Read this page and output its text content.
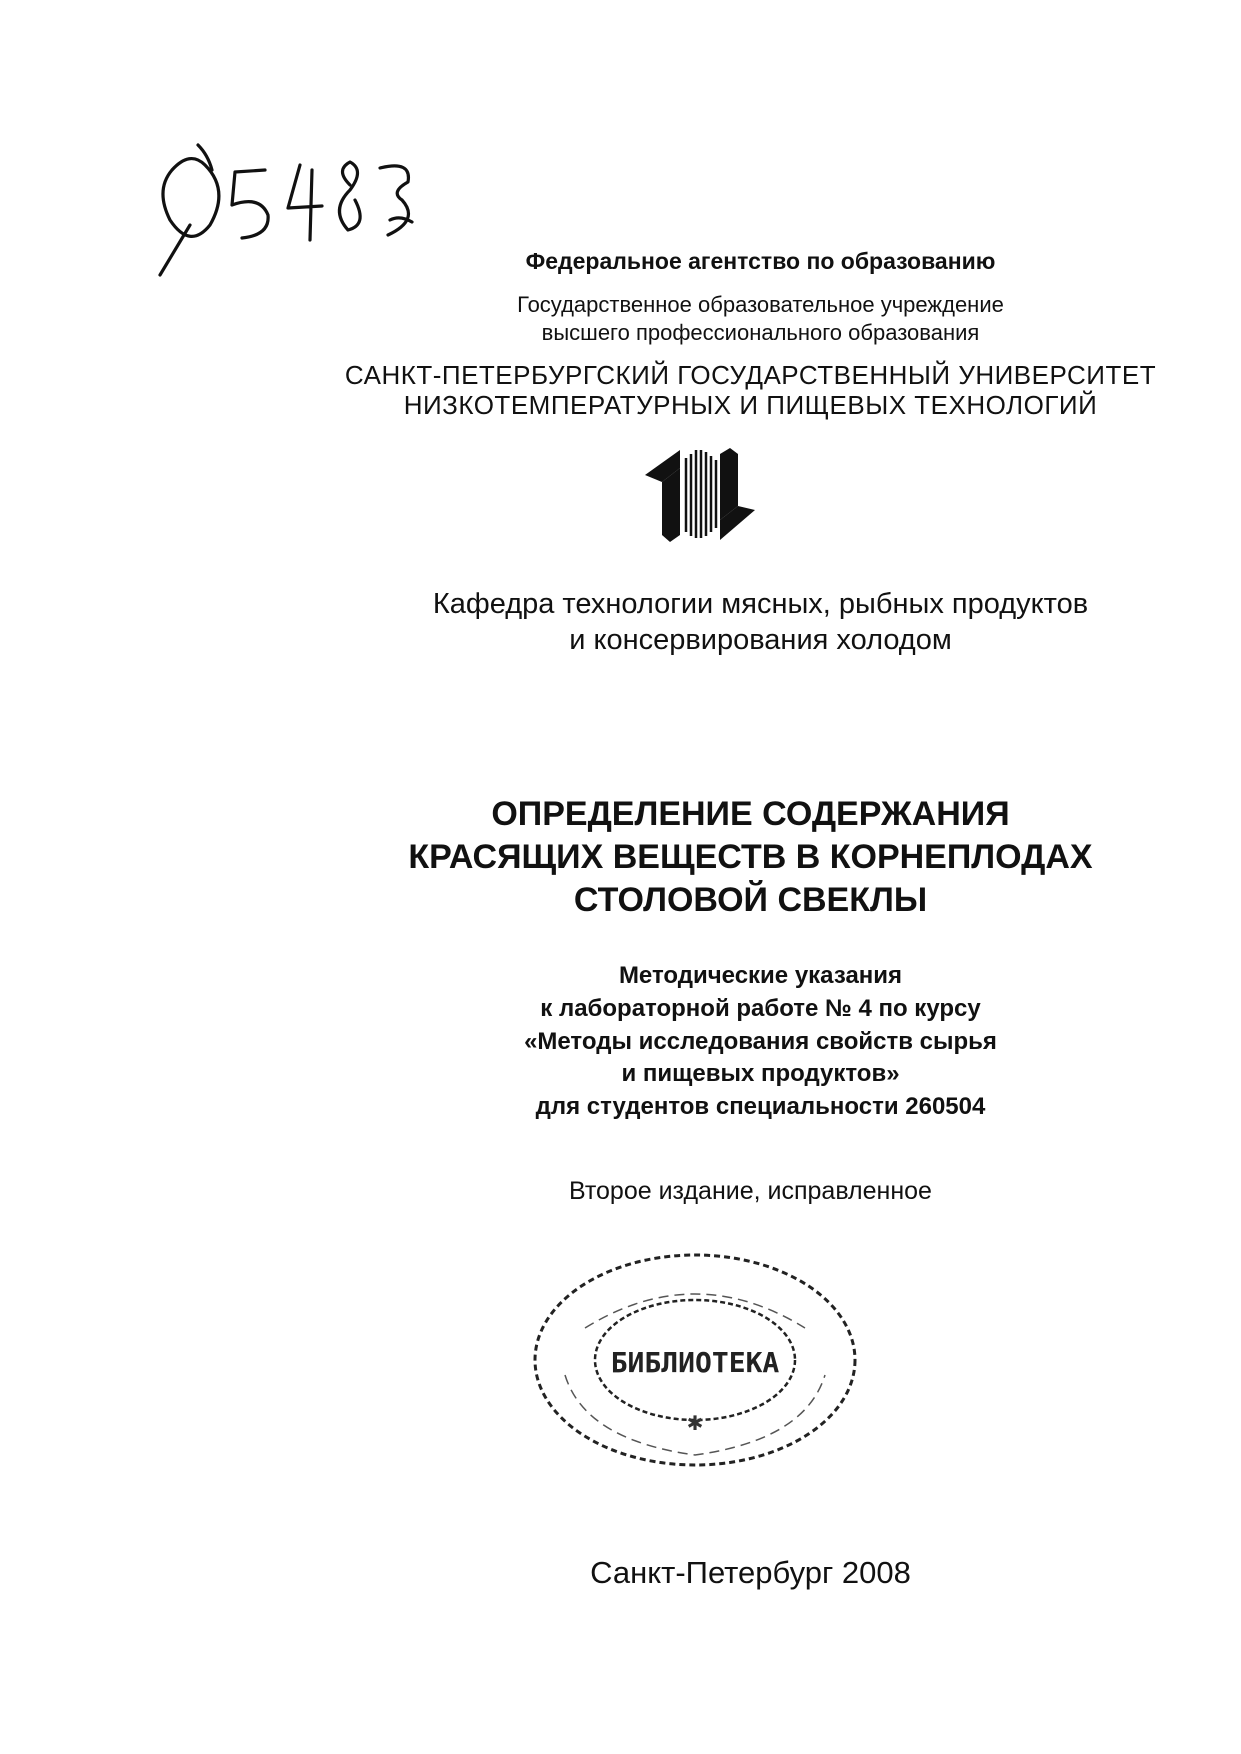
Федеральное агентство по образованию
Государственное образовательное учреждение
высшего профессионального образования
САНКТ-ПЕТЕРБУРГСКИЙ ГОСУДАРСТВЕННЫЙ УНИВЕРСИТЕТ
НИЗКОТЕМПЕРАТУРНЫХ И ПИЩЕВЫХ ТЕХНОЛОГИЙ
Кафедра технологии мясных, рыбных продуктов
и консервирования холодом
ОПРЕДЕЛЕНИЕ СОДЕРЖАНИЯ
КРАСЯЩИХ ВЕЩЕСТВ В КОРНЕПЛОДАХ
СТОЛОВОЙ СВЕКЛЫ
Методические указания
к лабораторной работе № 4 по курсу
«Методы исследования свойств сырья
и пищевых продуктов»
для студентов специальности 260504
Второе издание, исправленное
БИБЛИОТЕКА
✱
Санкт-Петербург 2008
